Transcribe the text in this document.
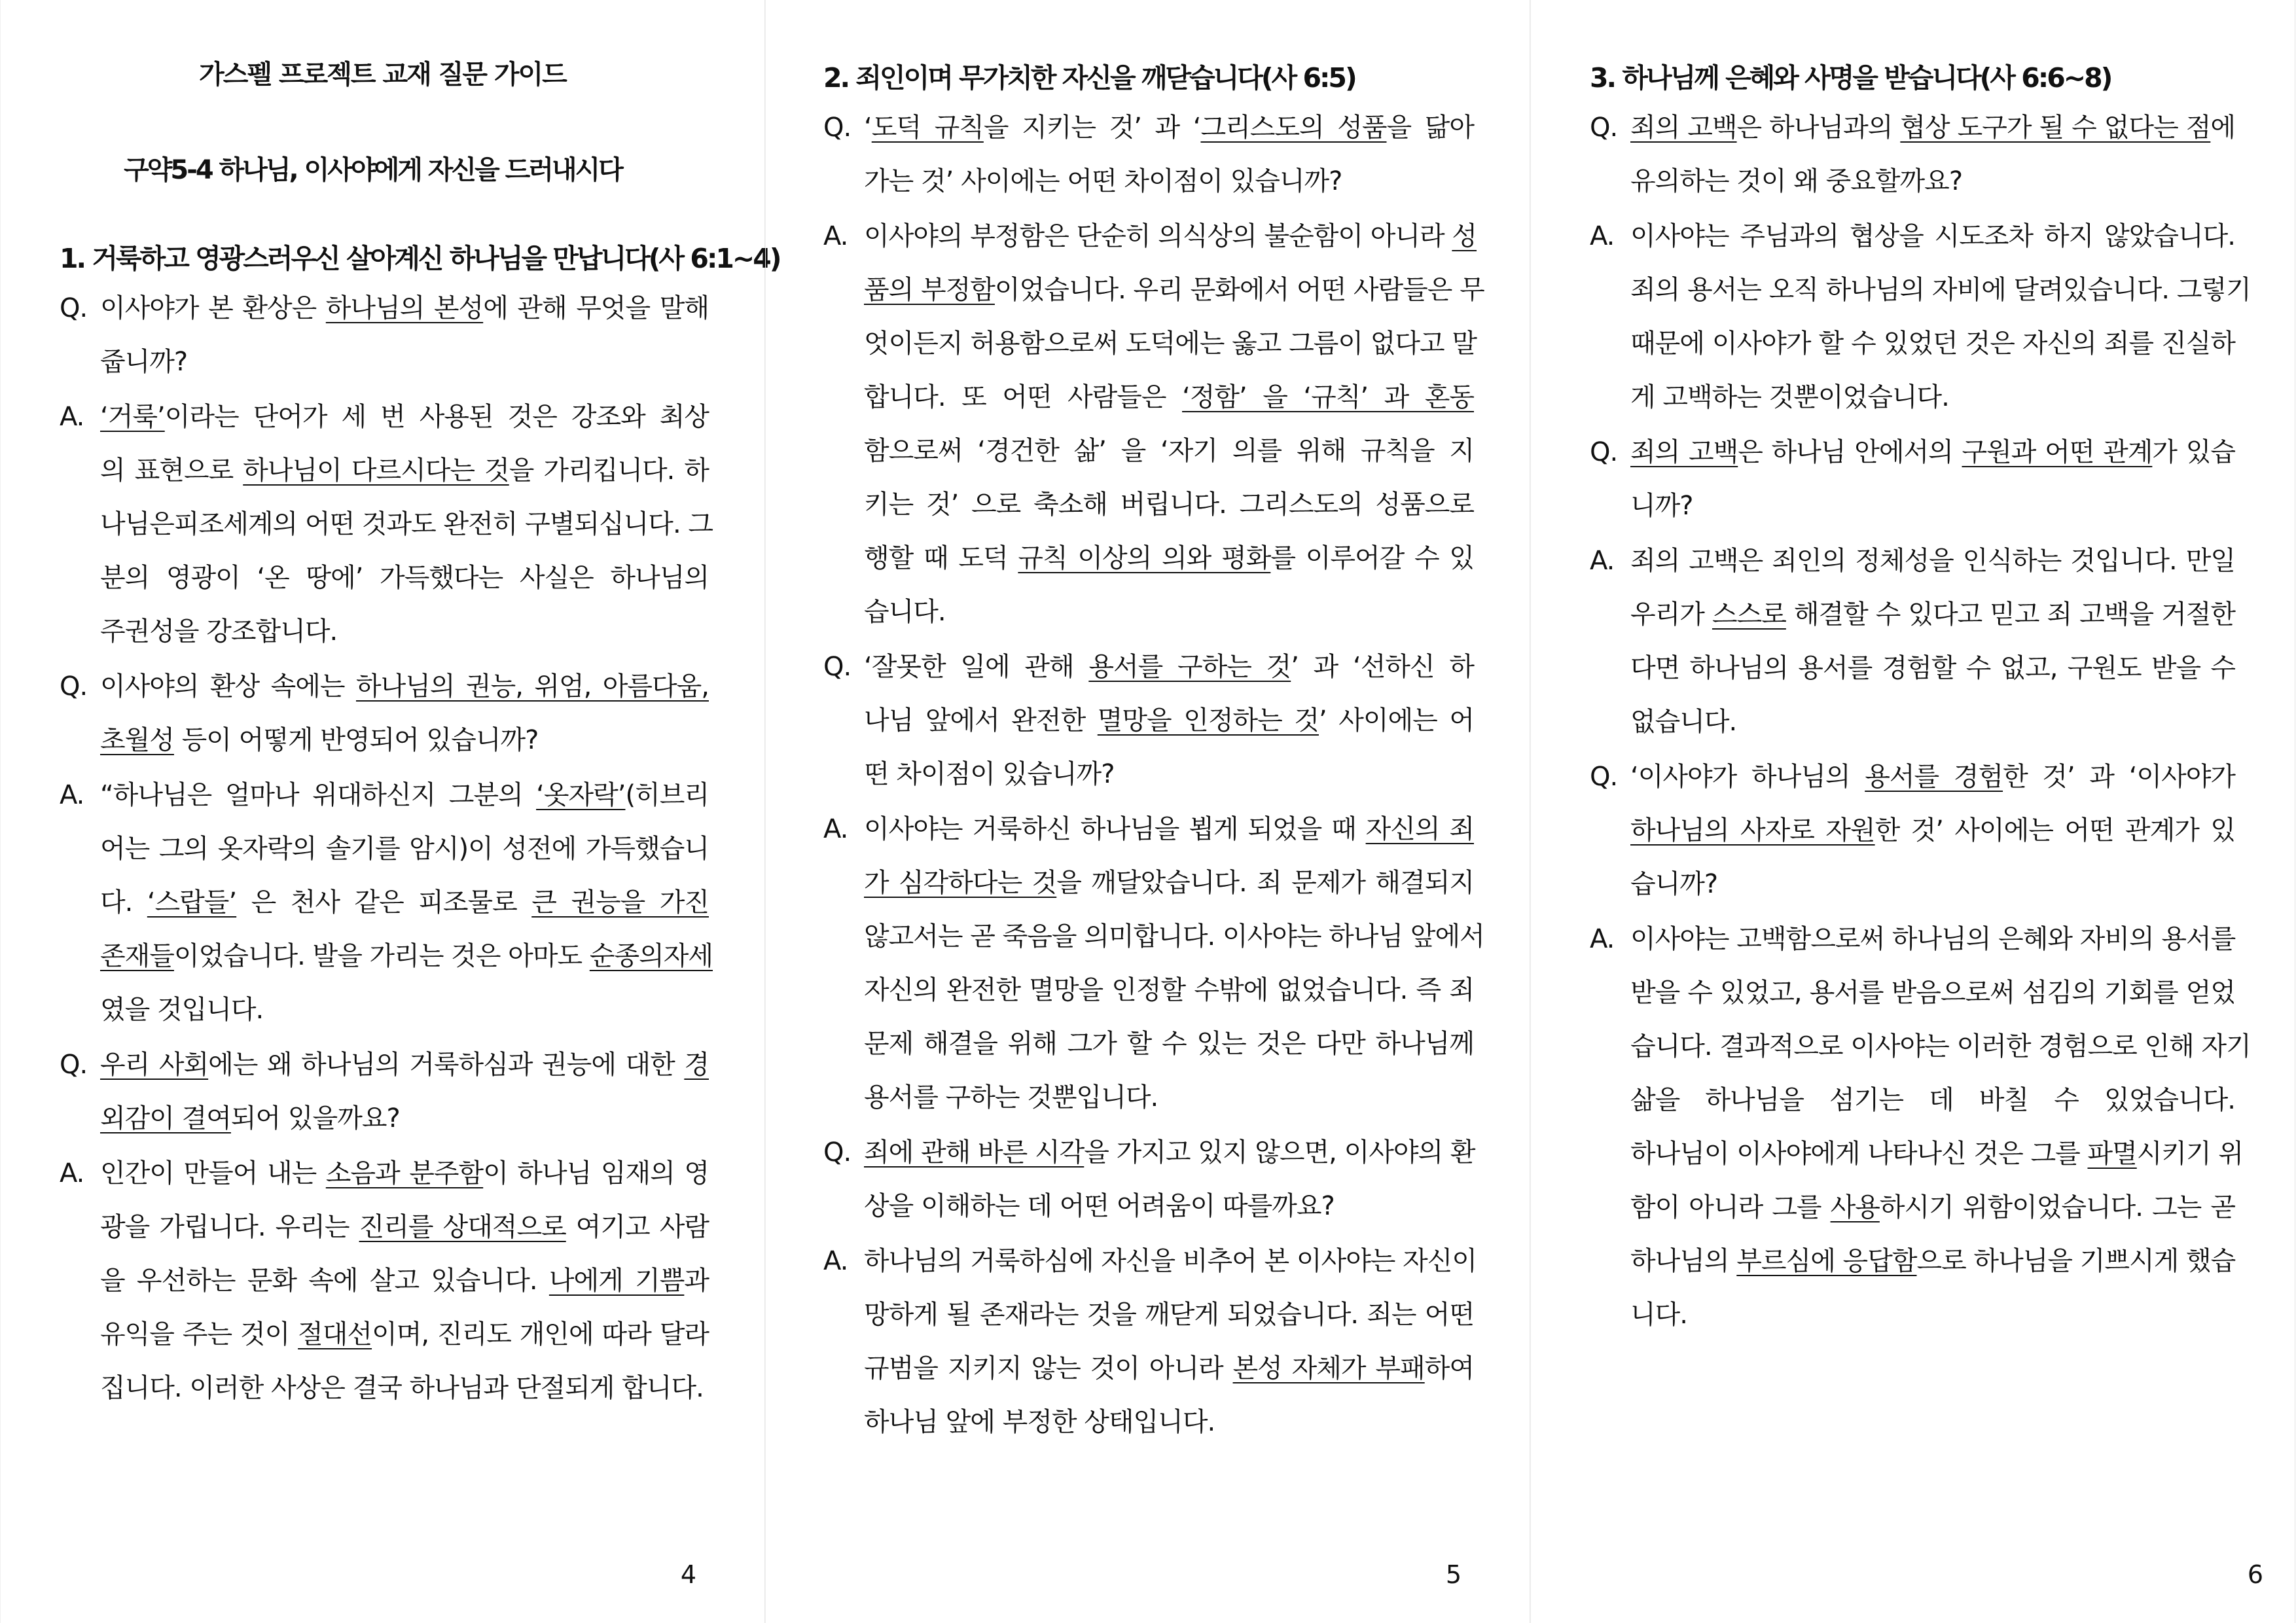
가스펠 프로젝트 교재 질문 가이드
구약5-4 하나님, 이사야에게 자신을 드러내시다
1. 거룩하고 영광스러우신 살아계신 하나님을 만납니다(사 6:1~4)
Q. 이사야가 본 환상은 하나님의 본성에 관해 무엇을 말해
줍니까?
A. ‘거룩’이라는 단어가 세 번 사용된 것은 강조와 최상
의 표현으로 하나님이 다르시다는 것을 가리킵니다. 하
나님은피조세계의 어떤 것과도 완전히 구별되십니다. 그
분의 영광이 ‘온 땅에’ 가득했다는 사실은 하나님의
주권성을 강조합니다.
Q. 이사야의 환상 속에는 하나님의 권능, 위엄, 아름다움,
초월성 등이 어떻게 반영되어 있습니까?
A. “하나님은 얼마나 위대하신지 그분의 ‘옷자락’(히브리
어는 그의 옷자락의 솔기를 암시)이 성전에 가득했습니
다. ‘스랍들’ 은 천사 같은 피조물로 큰 권능을 가진
존재들이었습니다. 발을 가리는 것은 아마도 순종의자세
였을 것입니다.
Q. 우리 사회에는 왜 하나님의 거룩하심과 권능에 대한 경
외감이 결여되어 있을까요?
A. 인간이 만들어 내는 소음과 분주함이 하나님 임재의 영
광을 가립니다. 우리는 진리를 상대적으로 여기고 사람
을 우선하는 문화 속에 살고 있습니다. 나에게 기쁨과
유익을 주는 것이 절대선이며, 진리도 개인에 따라 달라
집니다. 이러한 사상은 결국 하나님과 단절되게 합니다.
4
2. 죄인이며 무가치한 자신을 깨닫습니다(사 6:5)
Q. ‘도덕 규칙을 지키는 것’ 과 ‘그리스도의 성품을 닮아
가는 것’ 사이에는 어떤 차이점이 있습니까?
A. 이사야의 부정함은 단순히 의식상의 불순함이 아니라 성
품의 부정함이었습니다. 우리 문화에서 어떤 사람들은 무
엇이든지 허용함으로써 도덕에는 옳고 그름이 없다고 말
합니다. 또 어떤 사람들은 ‘정함’ 을 ‘규칙’ 과 혼동
함으로써 ‘경건한 삶’ 을 ‘자기 의를 위해 규칙을 지
키는 것’ 으로 축소해 버립니다. 그리스도의 성품으로
행할 때 도덕 규칙 이상의 의와 평화를 이루어갈 수 있
습니다.
Q. ‘잘못한 일에 관해 용서를 구하는 것’ 과 ‘선하신 하
나님 앞에서 완전한 멸망을 인정하는 것’ 사이에는 어
떤 차이점이 있습니까?
A. 이사야는 거룩하신 하나님을 뵙게 되었을 때 자신의 죄
가 심각하다는 것을 깨달았습니다. 죄 문제가 해결되지
않고서는 곧 죽음을 의미합니다. 이사야는 하나님 앞에서
자신의 완전한 멸망을 인정할 수밖에 없었습니다. 즉 죄
문제 해결을 위해 그가 할 수 있는 것은 다만 하나님께
용서를 구하는 것뿐입니다.
Q. 죄에 관해 바른 시각을 가지고 있지 않으면, 이사야의 환
상을 이해하는 데 어떤 어려움이 따를까요?
A. 하나님의 거룩하심에 자신을 비추어 본 이사야는 자신이
망하게 될 존재라는 것을 깨닫게 되었습니다. 죄는 어떤
규범을 지키지 않는 것이 아니라 본성 자체가 부패하여
하나님 앞에 부정한 상태입니다.
5
3. 하나님께 은혜와 사명을 받습니다(사 6:6~8)
Q. 죄의 고백은 하나님과의 협상 도구가 될 수 없다는 점에
유의하는 것이 왜 중요할까요?
A. 이사야는 주님과의 협상을 시도조차 하지 않았습니다.
죄의 용서는 오직 하나님의 자비에 달려있습니다. 그렇기
때문에 이사야가 할 수 있었던 것은 자신의 죄를 진실하
게 고백하는 것뿐이었습니다.
Q. 죄의 고백은 하나님 안에서의 구원과 어떤 관계가 있습
니까?
A. 죄의 고백은 죄인의 정체성을 인식하는 것입니다. 만일
우리가 스스로 해결할 수 있다고 믿고 죄 고백을 거절한
다면 하나님의 용서를 경험할 수 없고, 구원도 받을 수
없습니다.
Q. ‘이사야가 하나님의 용서를 경험한 것’ 과 ‘이사야가
하나님의 사자로 자원한 것’ 사이에는 어떤 관계가 있
습니까?
A. 이사야는 고백함으로써 하나님의 은혜와 자비의 용서를
받을 수 있었고, 용서를 받음으로써 섬김의 기회를 얻었
습니다. 결과적으로 이사야는 이러한 경험으로 인해 자기
삶을 하나님을 섬기는 데 바칠 수 있었습니다.
하나님이 이사야에게 나타나신 것은 그를 파멸시키기 위
함이 아니라 그를 사용하시기 위함이었습니다. 그는 곧
하나님의 부르심에 응답함으로 하나님을 기쁘시게 했습
니다.
6
